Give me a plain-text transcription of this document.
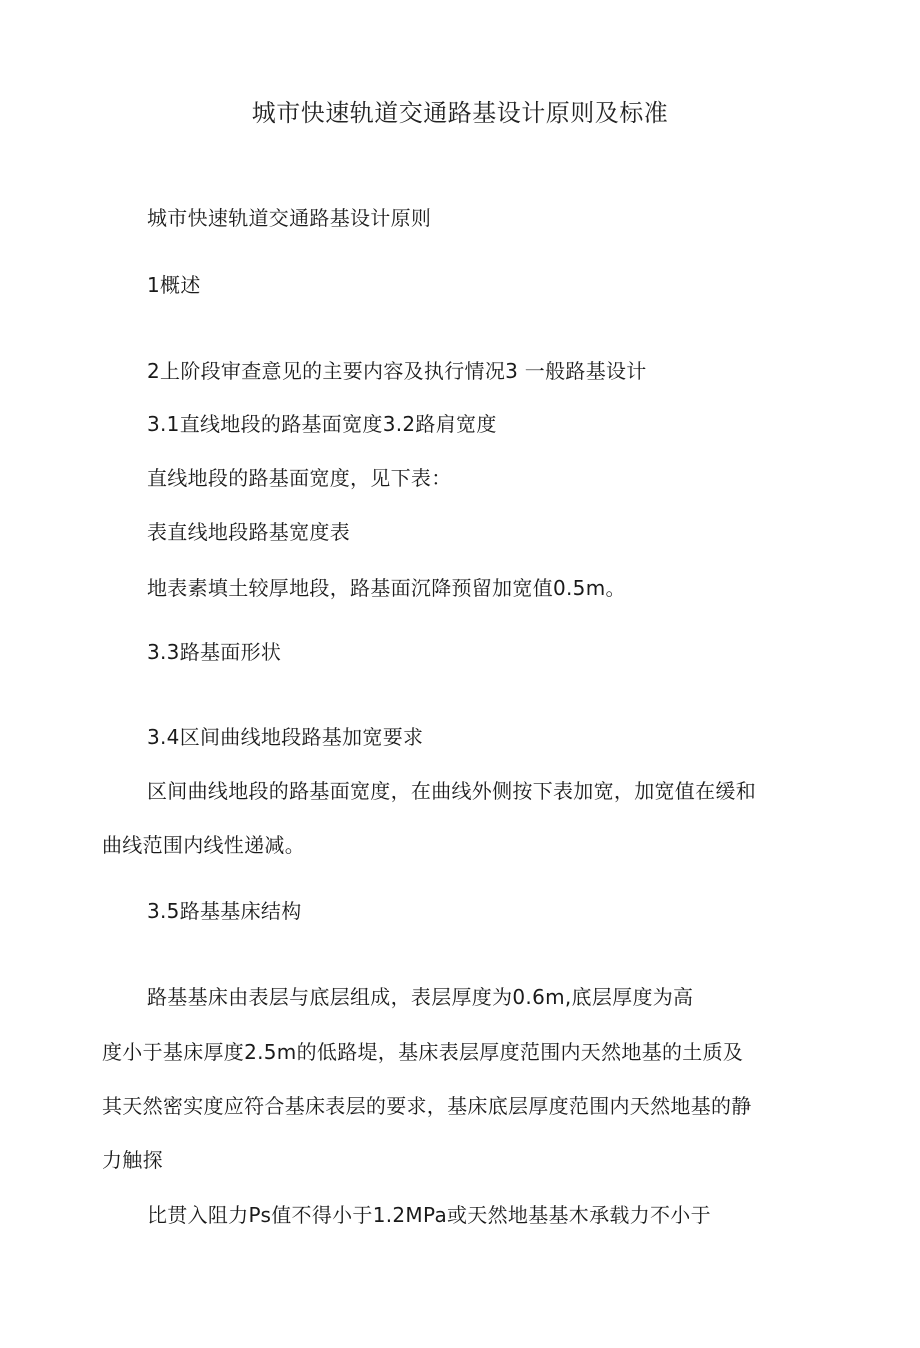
城市快速轨道交通路基设计原则及标准
城市快速轨道交通路基设计原则
1概述
2上阶段审查意见的主要内容及执行情况3 一般路基设计
3.1直线地段的路基面宽度3.2路肩宽度
直线地段的路基面宽度，见下表：
表直线地段路基宽度表
地表素填土较厚地段，路基面沉降预留加宽值0.5m。
3.3路基面形状
3.4区间曲线地段路基加宽要求
区间曲线地段的路基面宽度，在曲线外侧按下表加宽，加宽值在缓和
曲线范围内线性递减。
3.5路基基床结构
路基基床由表层与底层组成，表层厚度为0.6m,底层厚度为高
度小于基床厚度2.5m的低路堤，基床表层厚度范围内天然地基的土质及
其天然密实度应符合基床表层的要求，基床底层厚度范围内天然地基的静
力触探
比贯入阻力Ps值不得小于1.2MPa或天然地基基木承载力不小于
